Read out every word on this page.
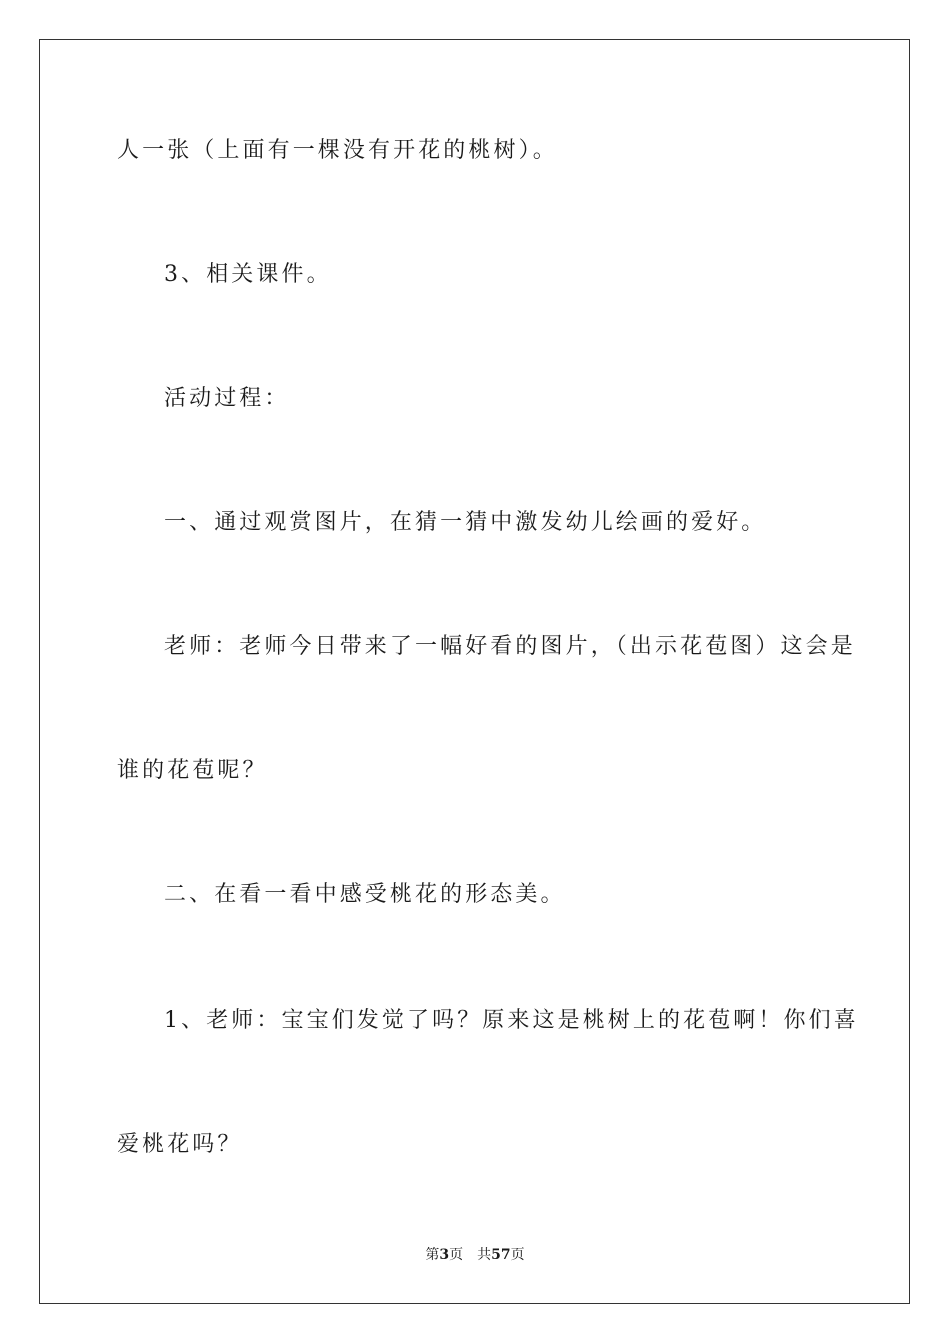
人一张（上面有一棵没有开花的桃树）。
3、相关课件。
活动过程：
一、通过观赏图片，在猜一猜中激发幼儿绘画的爱好。
老师：老师今日带来了一幅好看的图片，（出示花苞图）这会是
谁的花苞呢？
二、在看一看中感受桃花的形态美。
1、老师：宝宝们发觉了吗？原来这是桃树上的花苞啊！你们喜
爱桃花吗？
第3页 共57页
